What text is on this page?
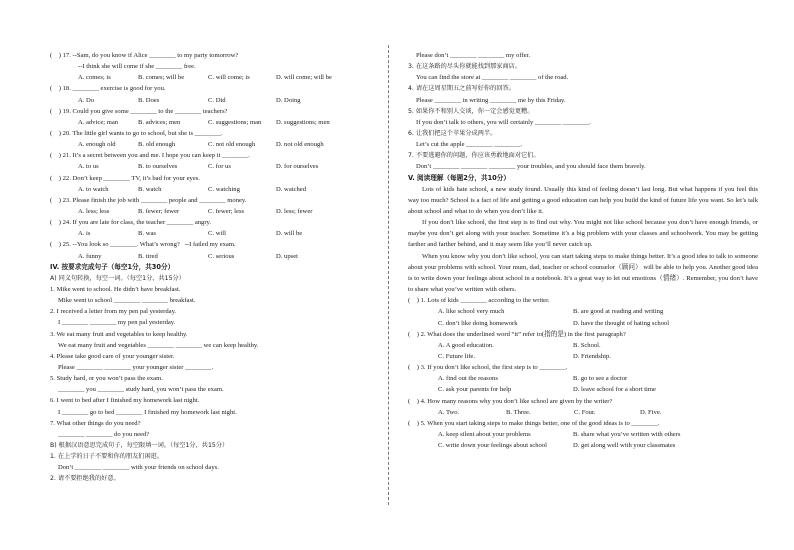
(    ) 17. --Sam, do you know if Alice ________ to my party tomorrow?
--I think she will come if she ________ free.
A. comes; is	B. comes; will be	C. will come; is	D. will come; will be
(    ) 18. ________ exercise is good for you.
A. Do	B. Does	C. Did	D. Doing
(    ) 19. Could you give some ________ to the ________ teachers?
A. advice; man	B. advices; men	C. suggestions; man	D. suggestions; men
(    ) 20. The little girl wants to go to school, but she is ________.
A. enough old	B. old enough	C. not old enough	D. not old enough
(    ) 21. It’s a secret between you and me. I hope you can keep it ________.
A. to us	B. to ourselves	C. for us	D. for ourselves
(    ) 22. Don’t keep ________ TV, it’s bad for your eyes.
A. to watch	B. watch	C. watching	D. watched
(    ) 23. Please finish the job with ________ people and ________ money.
A. less; less	B. fewer; fewer	C. fewer; less	D. less; fewer
(    ) 24. If you are late for class, the teacher ________ angry.
A. is	B. was	C. will	D. will be
(    ) 25. --You look so ________. What’s wrong?   --I failed my exam.
A. funny	B. tired	C. serious	D. upset
IV. 按要求完成句子（每空1分，共30分）
A) 同义句转换，每空一词。（每空1分，共15分）
1. Mike went to school. He didn’t have breakfast.
Mike went to school ________ ________ breakfast.
2. I received a letter from my pen pal yesterday.
I ________ ________ my pen pal yesterday.
3. We eat many fruit and vegetables to keep healthy.
We eat many fruit and vegetables ________ ________ we can keep healthy.
4. Please take good care of your younger sister.
Please ________ ________ your younger sister ________.
5. Study hard, or you won’t pass the exam.
________ you ________ study hard, you won’t pass the exam.
6. I went to bed after I finished my homework last night.
I ________ go to bed ________ I finished my homework last night.
7. What other things do you need?
________ ________ do you need?
B) 根据汉语意思完成句子，每空限填一词。（每空1分，共15分）
1. 在上学的日子不要和你的朋友们闲逛。
Don’t ________ ________ with your friends on school days.
2. 请不要拒绝我的好意。
Please don’t ________ ________ my offer.
3. 在这条路的尽头你就能找到那家商店。
You can find the store at ________ ________ of the road.
4. 请在这周星期五之前写好你的回答。
Please ________ in writing ________ me by this Friday.
5. 如果你不和别人交谈，你一定会感觉更糟。
If you don’t talk to others, you will certainly ________ ________.
6. 让我们把这个苹果分成两半。
Let’s cut the apple ________ ________.
7. 不要逃避你的问题，你应该勇敢地面对它们。
Don’t ________ ________ ________ your troubles, and you should face them bravely.
V. 阅读理解（每题2分，共10分）
Lots of kids hate school, a new study found. Usually this kind of feeling doesn’t last long. But what happens if you feel this way too much? School is a fact of life and getting a good education can help you build the kind of future life you want. So let’s talk about school and what to do when you don’t like it.
If you don’t like school, the first step is to find out why. You might not like school because you don’t have enough friends, or maybe you don’t get along with your teacher. Sometime it’s a big problem with your classes and schoolwork. You may be getting farther and farther behind, and it may seem like you’ll never catch up.
When you know why you don’t like school, you can start taking steps to make things better. It’s a good idea to talk to someone about your problems with school. Your mum, dad, teacher or school counselor（顾问） will be able to help you. Another good idea is to write down your feelings about school in a notebook. It’s a great way to let out emotions（情绪）. Remember, you don’t have to share what you’ve written with others.
(    ) 1. Lots of kids ________ according to the writer.
A. like school very much	B. are good at reading and writing
C. don’t like doing homework	D. have the thought of hating school
(    ) 2. What does the underlined word “it” refer to(指的是) in the first paragraph?
A. A good education.	B. School.
C. Future life.	D. Friendship.
(    ) 3. If you don’t like school, the first step is to ________.
A. find out the reasons	B. go to see a doctor
C. ask your parents for help	D. leave school for a short time
(    ) 4. How many reasons why you don’t like school are given by the writer?
A. Two.	B. Three.	C. Four.	D. Five.
(    ) 5. When you start taking steps to make things better, one of the good ideas is to ________.
A. keep silent about your problems	B. share what you’ve written with others
C. write down your feelings about school	D. get along well with your classmates
